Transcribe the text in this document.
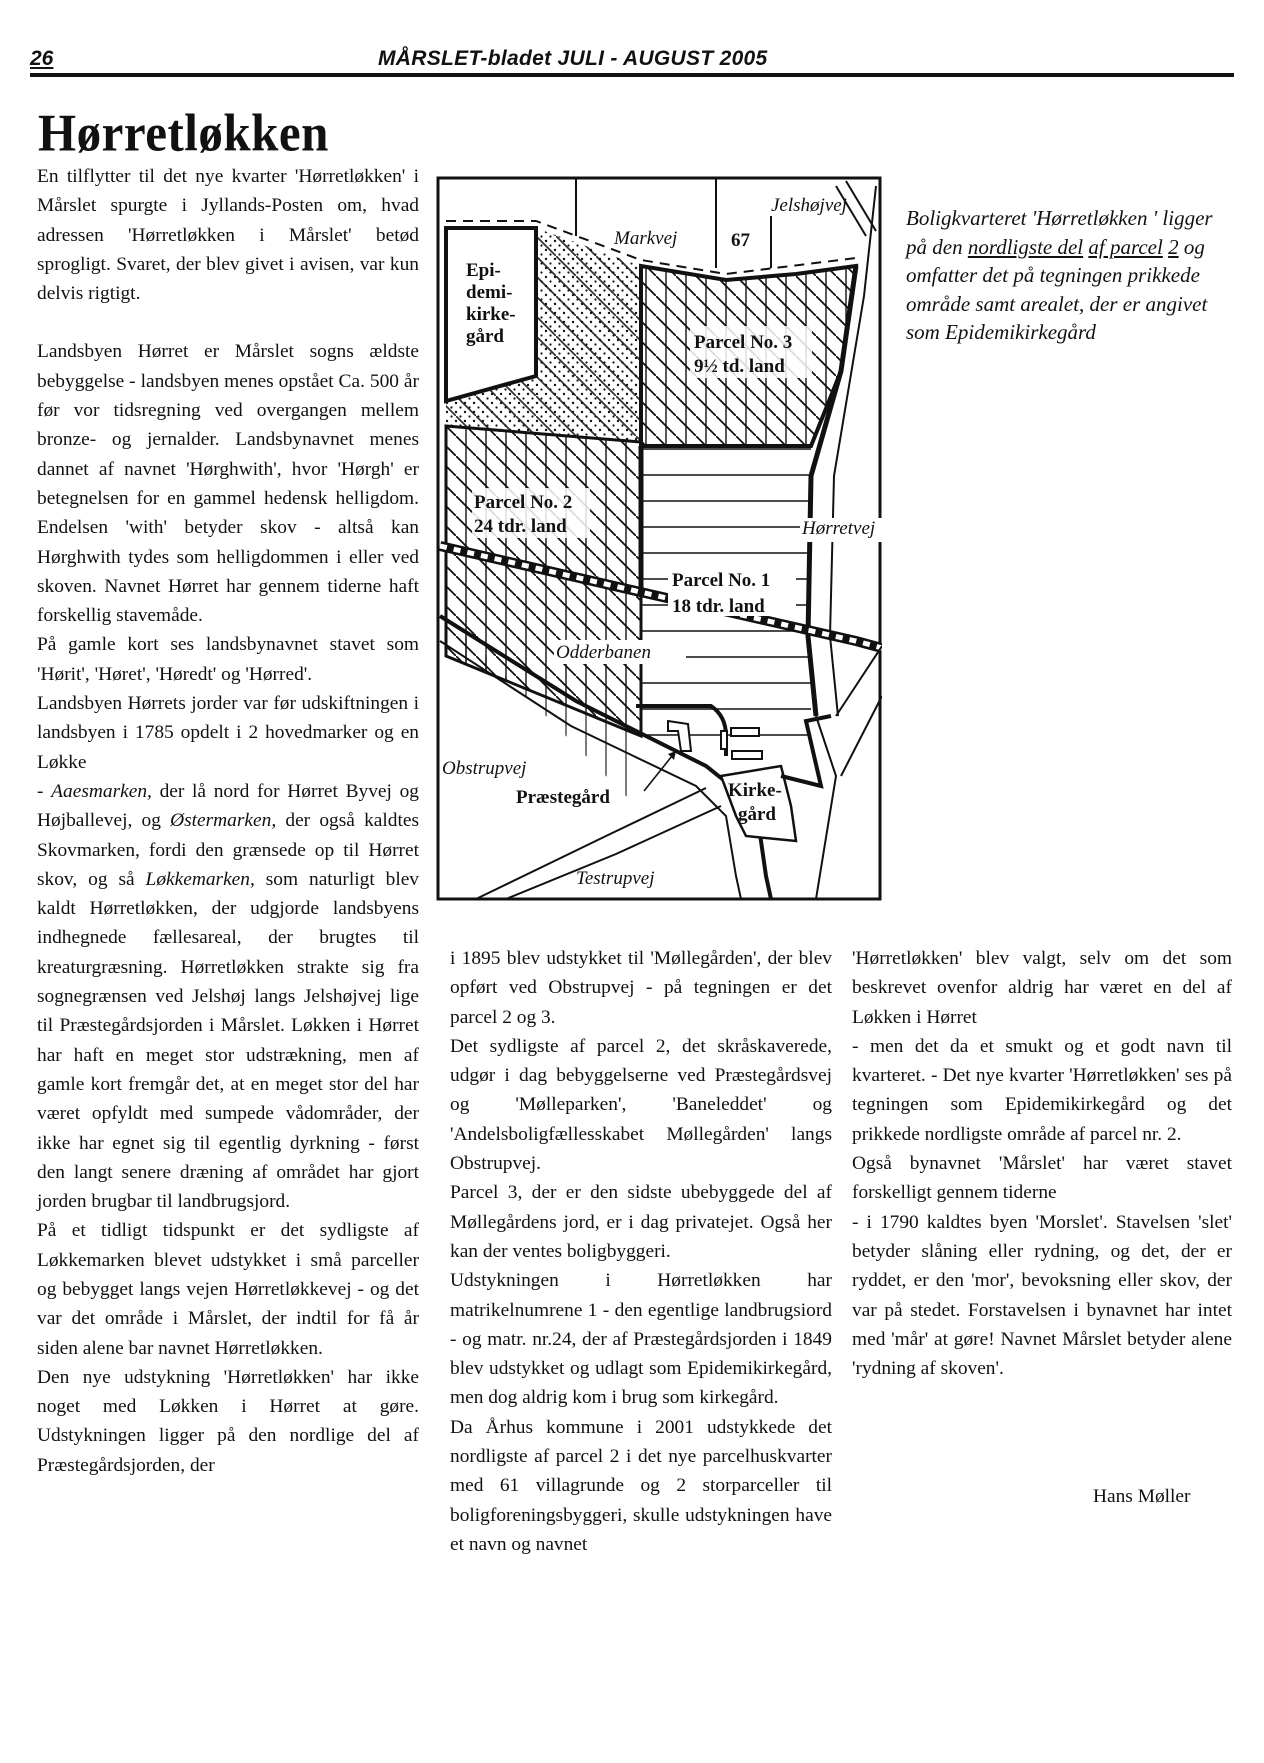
26	MÅRSLET-bladet JULI - AUGUST 2005
Hørretløkken

En tilflytter til det nye kvarter 'Hørretløkken' i Mårslet spurgte i Jyllands-Posten om, hvad adressen 'Hørretløkken i Mårslet' betød sprogligt. Svaret, der blev givet i avisen, var kun delvis rigtigt.

Landsbyen Hørret er Mårslet sogns ældste bebyggelse - landsbyen menes opstået Ca. 500 år før vor tidsregning ved overgangen mellem bronze- og jernalder. Landsbynavnet menes dannet af navnet 'Hørghwith', hvor 'Hørgh' er betegnelsen for en gammel hedensk helligdom. Endelsen 'with' betyder skov - altså kan Hørghwith tydes som helligdommen i eller ved skoven. Navnet Hørret har gennem tiderne haft forskellig stavemåde.

På gamle kort ses landsbynavnet stavet som 'Hørit', 'Høret', 'Høredt' og 'Hørred'.

Landsbyen Hørrets jorder var før udskiftningen i landsbyen i 1785 opdelt i 2 hovedmarker og en Løkke

- Aaesmarken, der lå nord for Hørret Byvej og Højballevej, og Østermarken, der også kaldtes Skovmarken, fordi den grænsede op til Hørret skov, og så Løkkemarken, som naturligt blev kaldt Hørretløkken, der udgjorde landsbyens indhegnede fællesareal, der brugtes til kreaturgræsning. Hørretløkken strakte sig fra sognegrænsen ved Jelshøj langs Jelshøjvej lige til Præstegårdsjorden i Mårslet. Løkken i Hørret har haft en meget stor udstrækning, men af gamle kort fremgår det, at en meget stor del har været opfyldt med sumpede vådområder, der ikke har egnet sig til egentlig dyrkning - først den langt senere dræning af området har gjort jorden brugbar til landbrugsjord.

På et tidligt tidspunkt er det sydligste af Løkkemarken blevet udstykket i små parceller og bebygget langs vejen Hørretløkkevej - og det var det område i Mårslet, der indtil for få år siden alene bar navnet Hørretløkken.

Den nye udstykning 'Hørretløkken' har ikke noget med Løkken i Hørret at gøre. Udstykningen ligger på den nordlige del af Præstegårdsjorden, der

Markvej	67
Jelshøjvej
Epi-
demi-
kirke-
gård	Parcel No. 3
9½ td. land
Parcel No. 2
24 tdr. land	Hørretvej
Parcel No. 1
18 tdr. land
Odderbanen
Obstrupvej
Præstegård	Kirke-
gård
Testrupvej
Boligkvarteret 'Hørretløkken ' ligger på den nordligste del af parcel 2 og omfatter det på tegningen prikkede område samt arealet, der er angivet som Epidemikirkegård

i 1895 blev udstykket til 'Møllegården', der blev opført ved Obstrupvej - på tegningen er det parcel 2 og 3.

Det sydligste af parcel 2, det skråskaverede, udgør i dag bebyggelserne ved Præstegårdsvej og 'Mølleparken', 'Baneleddet' og 'Andelsboligfællesskabet Møllegården' langs Obstrupvej.

Parcel 3, der er den sidste ubebyggede del af Møllegårdens jord, er i dag privatejet. Også her kan der ventes boligbyggeri.

Udstykningen i Hørretløkken har matrikelnumrene 1 - den egentlige landbrugsiord - og matr. nr.24, der af Præstegårdsjorden i 1849 blev udstykket og udlagt som Epidemikirkegård, men dog aldrig kom i brug som kirkegård.

Da Århus kommune i 2001 udstykkede det nordligste af parcel 2 i det nye parcelhuskvarter med 61 villagrunde og 2 storparceller til boligforeningsbyggeri, skulle udstykningen have et navn og navnet

'Hørretløkken' blev valgt, selv om det som beskrevet ovenfor aldrig har været en del af Løkken i Hørret

- men det da et smukt og et godt navn til kvarteret. - Det nye kvarter 'Hørretløkken' ses på tegningen som Epidemikirkegård og det prikkede nordligste område af parcel nr. 2.

Også bynavnet 'Mårslet' har været stavet forskelligt gennem tiderne

- i 1790 kaldtes byen 'Morslet'. Stavelsen 'slet' betyder slåning eller rydning, og det, der er ryddet, er den 'mor', bevoksning eller skov, der var på stedet. Forstavelsen i bynavnet har intet med 'mår' at gøre! Navnet Mårslet betyder alene 'rydning af skoven'.

Hans Møller
